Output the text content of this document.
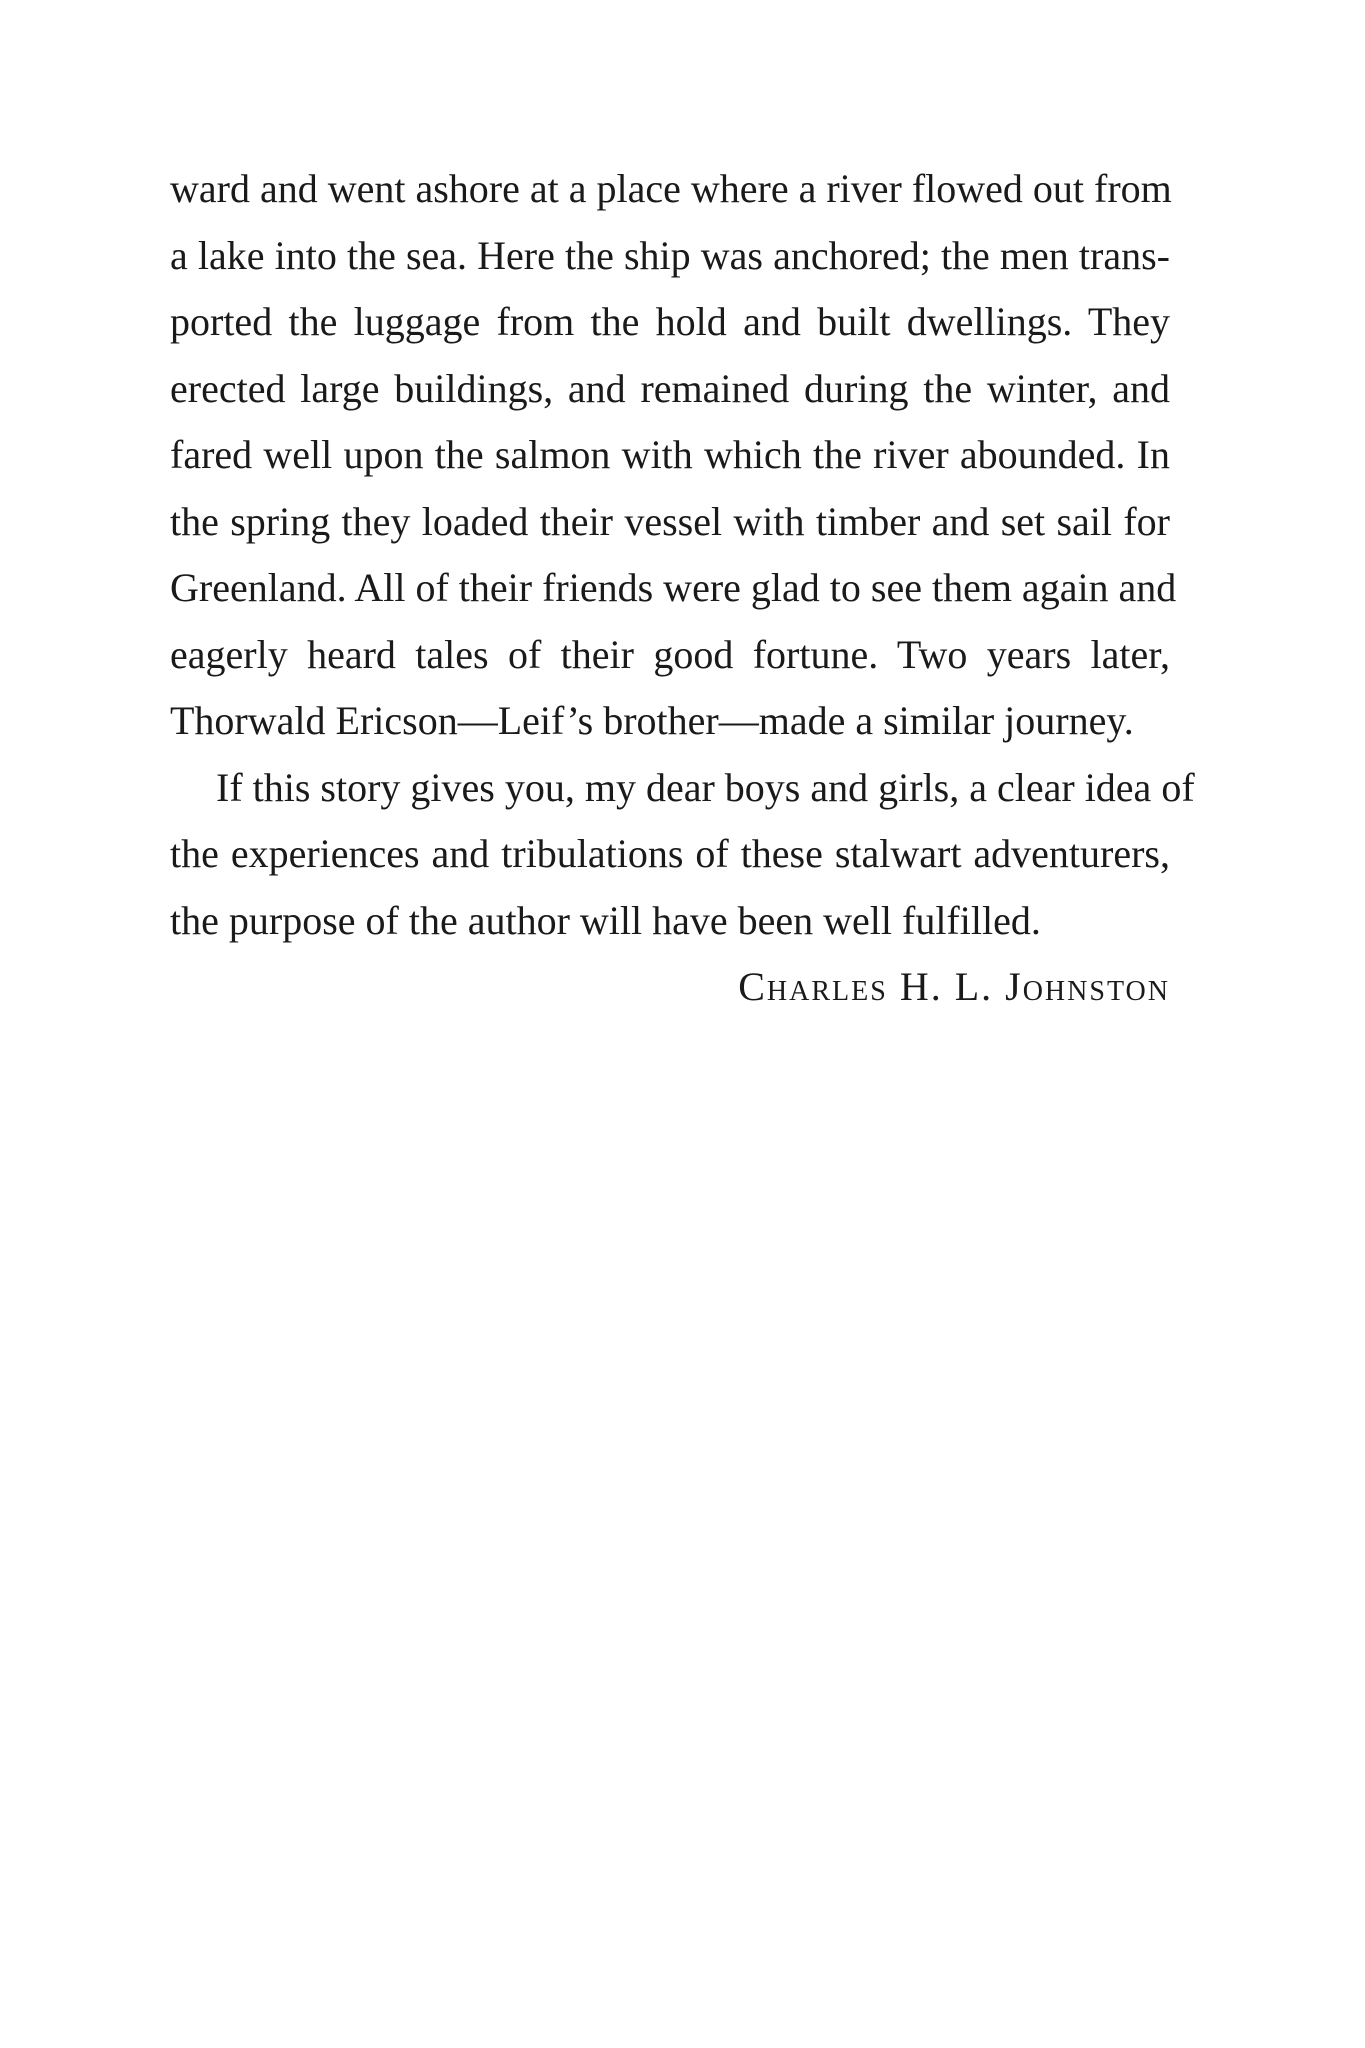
ward and went ashore at a place where a river flowed out from
a lake into the sea. Here the ship was anchored; the men trans-
ported the luggage from the hold and built dwellings. They
erected large buildings, and remained during the winter, and
fared well upon the salmon with which the river abounded. In
the spring they loaded their vessel with timber and set sail for
Greenland. All of their friends were glad to see them again and
eagerly heard tales of their good fortune. Two years later,
Thorwald Ericson—Leif’s brother—made a similar journey.
If this story gives you, my dear boys and girls, a clear idea of
the experiences and tribulations of these stalwart adventurers,
the purpose of the author will have been well fulfilled.
Charles H. L. Johnston
